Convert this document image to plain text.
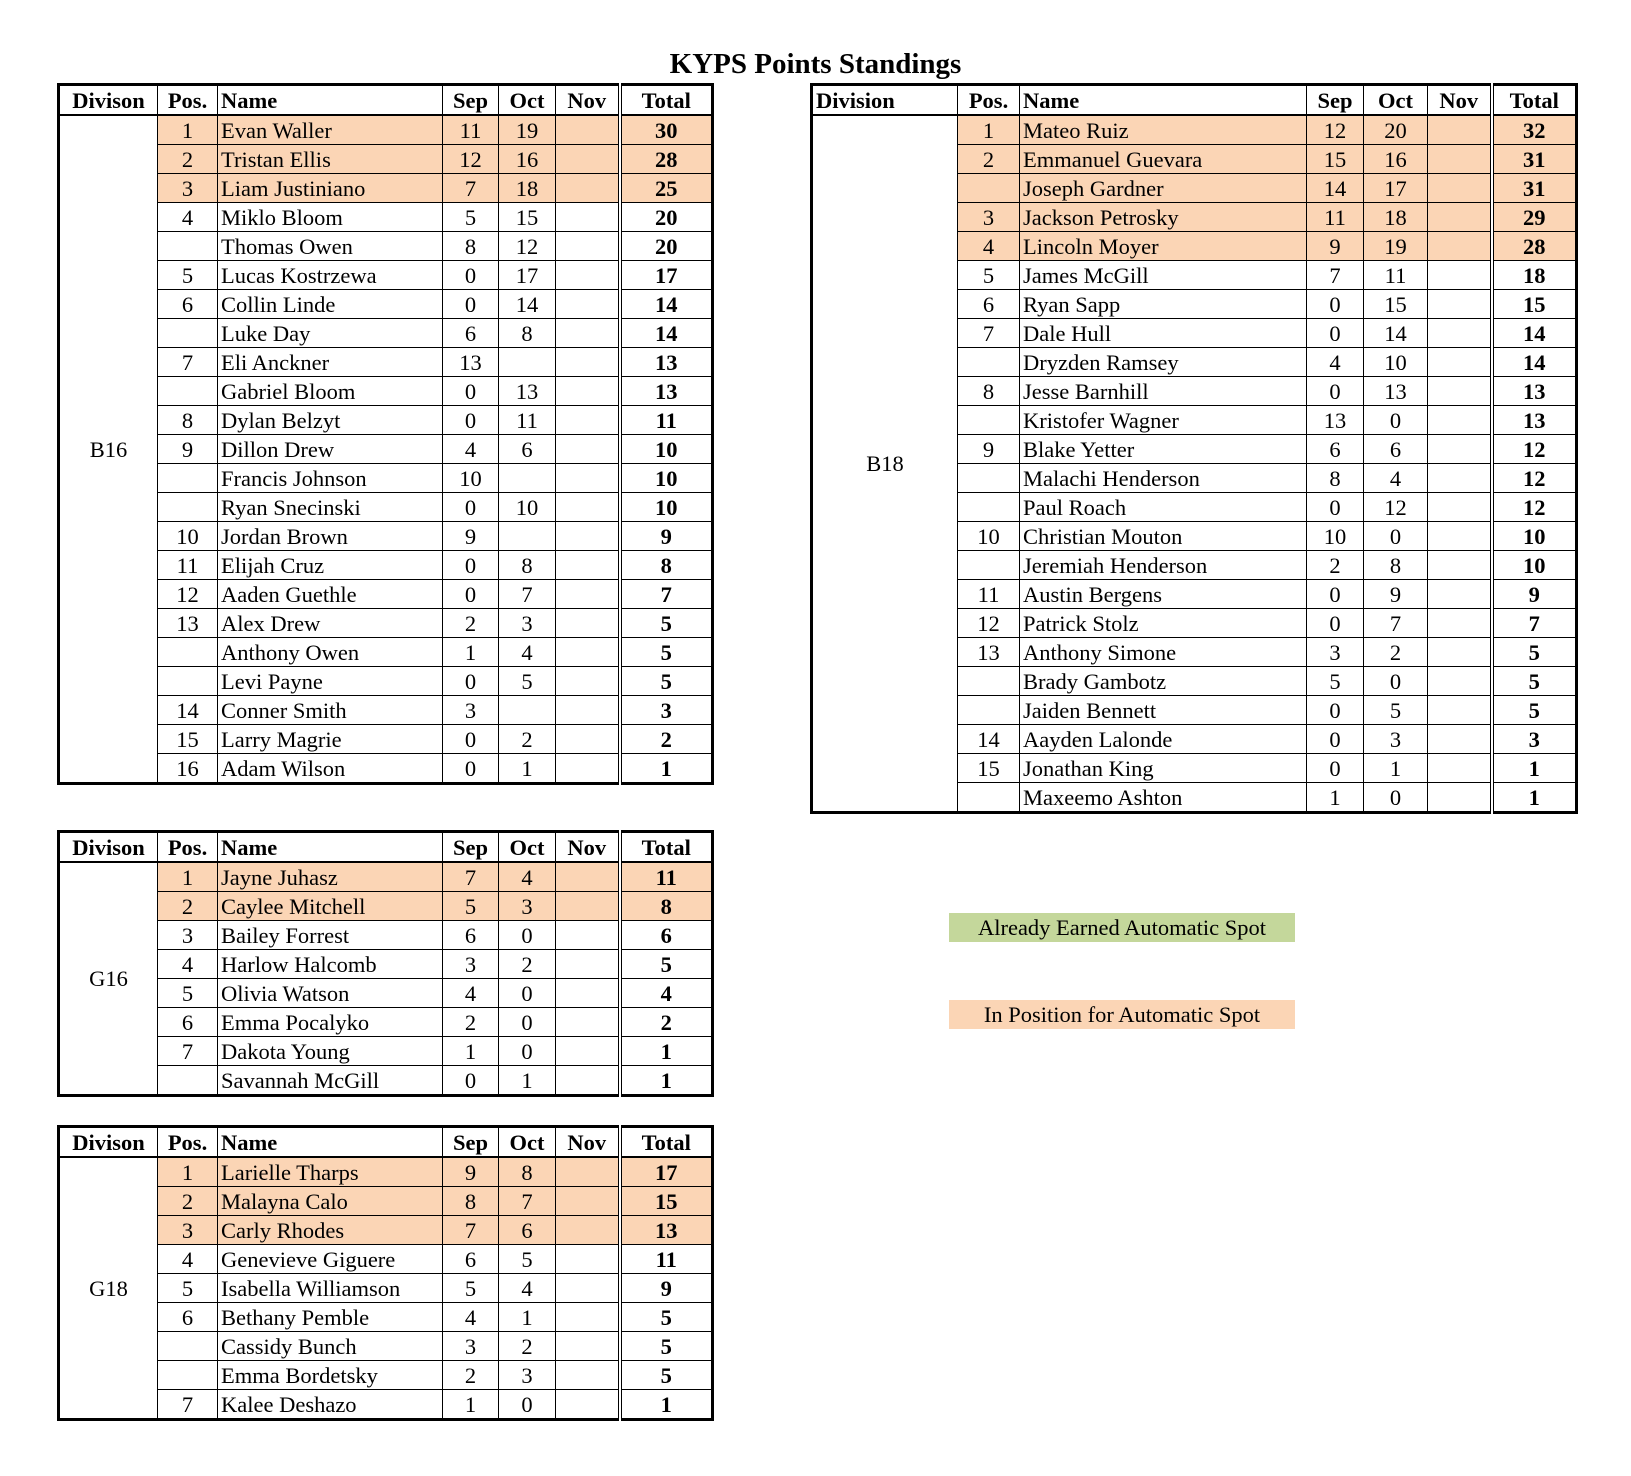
KYPS Points Standings
Divison	Pos.	Name	Sep	Oct	Nov	Total
B16	1	Evan Waller	11	19		30
	2	Tristan Ellis	12	16		28
	3	Liam Justiniano	7	18		25
	4	Miklo Bloom	5	15		20
		Thomas Owen	8	12		20
	5	Lucas Kostrzewa	0	17		17
	6	Collin Linde	0	14		14
		Luke Day	6	8		14
	7	Eli Anckner	13			13
		Gabriel Bloom	0	13		13
	8	Dylan Belzyt	0	11		11
	9	Dillon Drew	4	6		10
		Francis Johnson	10			10
		Ryan Snecinski	0	10		10
	10	Jordan Brown	9			9
	11	Elijah Cruz	0	8		8
	12	Aaden Guethle	0	7		7
	13	Alex Drew	2	3		5
		Anthony Owen	1	4		5
		Levi Payne	0	5		5
	14	Conner Smith	3			3
	15	Larry Magrie	0	2		2
	16	Adam Wilson	0	1		1
Division	Pos.	Name	Sep	Oct	Nov	Total
B18	1	Mateo Ruiz	12	20		32
	2	Emmanuel Guevara	15	16		31
		Joseph Gardner	14	17		31
	3	Jackson Petrosky	11	18		29
	4	Lincoln Moyer	9	19		28
	5	James McGill	7	11		18
	6	Ryan Sapp	0	15		15
	7	Dale Hull	0	14		14
		Dryzden Ramsey	4	10		14
	8	Jesse Barnhill	0	13		13
		Kristofer Wagner	13	0		13
	9	Blake Yetter	6	6		12
		Malachi Henderson	8	4		12
		Paul Roach	0	12		12
	10	Christian Mouton	10	0		10
		Jeremiah Henderson	2	8		10
	11	Austin Bergens	0	9		9
	12	Patrick Stolz	0	7		7
	13	Anthony Simone	3	2		5
		Brady Gambotz	5	0		5
		Jaiden Bennett	0	5		5
	14	Aayden Lalonde	0	3		3
	15	Jonathan King	0	1		1
		Maxeemo Ashton	1	0		1
Divison	Pos.	Name	Sep	Oct	Nov	Total
G16	1	Jayne Juhasz	7	4		11
	2	Caylee Mitchell	5	3		8
	3	Bailey Forrest	6	0		6
	4	Harlow Halcomb	3	2		5
	5	Olivia Watson	4	0		4
	6	Emma Pocalyko	2	0		2
	7	Dakota Young	1	0		1
		Savannah McGill	0	1		1
Divison	Pos.	Name	Sep	Oct	Nov	Total
G18	1	Larielle Tharps	9	8		17
	2	Malayna Calo	8	7		15
	3	Carly Rhodes	7	6		13
	4	Genevieve Giguere	6	5		11
	5	Isabella Williamson	5	4		9
	6	Bethany Pemble	4	1		5
		Cassidy Bunch	3	2		5
		Emma Bordetsky	2	3		5
	7	Kalee Deshazo	1	0		1
Already Earned Automatic Spot
In Position for Automatic Spot
